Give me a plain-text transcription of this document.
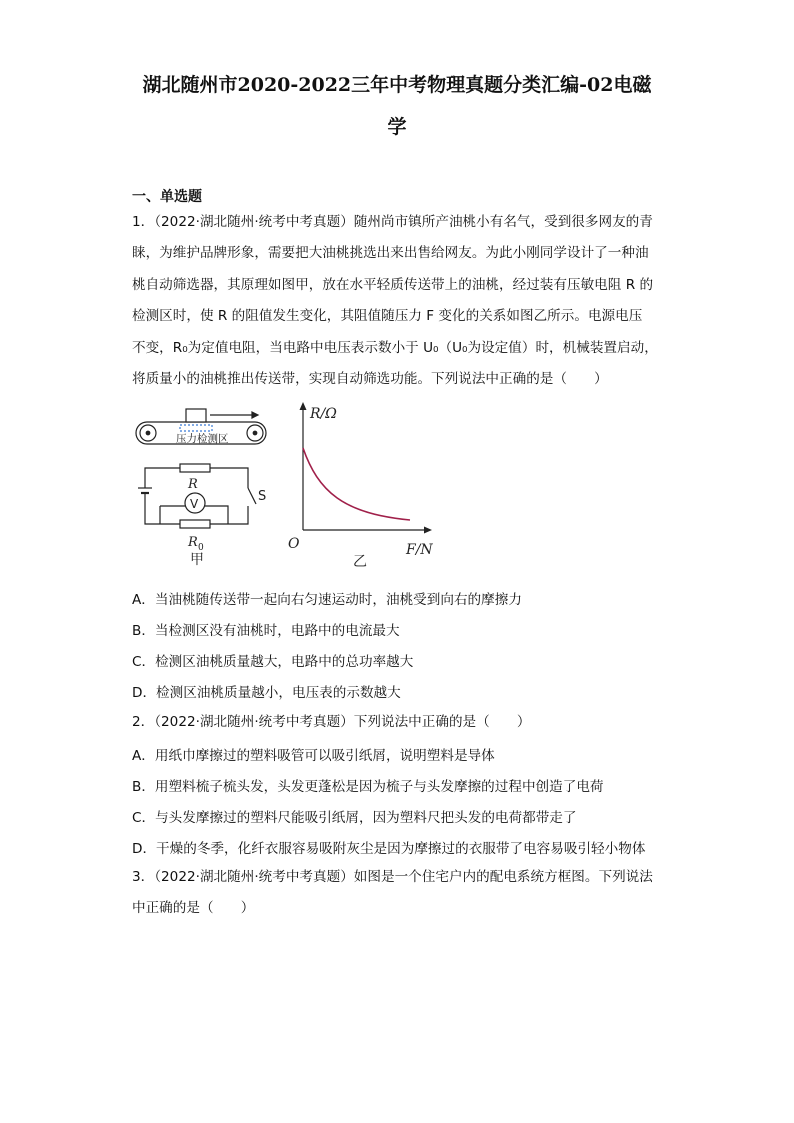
湖北随州市2020-2022三年中考物理真题分类汇编-02电磁
学
一、单选题
1．（2022·湖北随州·统考中考真题）随州尚市镇所产油桃小有名气，受到很多网友的青
睐，为维护品牌形象，需要把大油桃挑选出来出售给网友。为此小刚同学设计了一种油
桃自动筛选器，其原理如图甲，放在水平轻质传送带上的油桃，经过装有压敏电阻 R 的
检测区时，使 R 的阻值发生变化，其阻值随压力 F 变化的关系如图乙所示。电源电压
不变，R₀为定值电阻，当电路中电压表示数小于 U₀（U₀为设定值）时，机械装置启动，
将质量小的油桃推出传送带，实现自动筛选功能。下列说法中正确的是（　　）
压力检测区
R
V	S
R 0
甲
R/Ω
F/N
O
乙
A．当油桃随传送带一起向右匀速运动时，油桃受到向右的摩擦力
B．当检测区没有油桃时，电路中的电流最大
C．检测区油桃质量越大，电路中的总功率越大
D．检测区油桃质量越小，电压表的示数越大
2．（2022·湖北随州·统考中考真题）下列说法中正确的是（　　）
A．用纸巾摩擦过的塑料吸管可以吸引纸屑，说明塑料是导体
B．用塑料梳子梳头发，头发更蓬松是因为梳子与头发摩擦的过程中创造了电荷
C．与头发摩擦过的塑料尺能吸引纸屑，因为塑料尺把头发的电荷都带走了
D．干燥的冬季，化纤衣服容易吸附灰尘是因为摩擦过的衣服带了电容易吸引轻小物体
3．（2022·湖北随州·统考中考真题）如图是一个住宅户内的配电系统方框图。下列说法
中正确的是（　　）
